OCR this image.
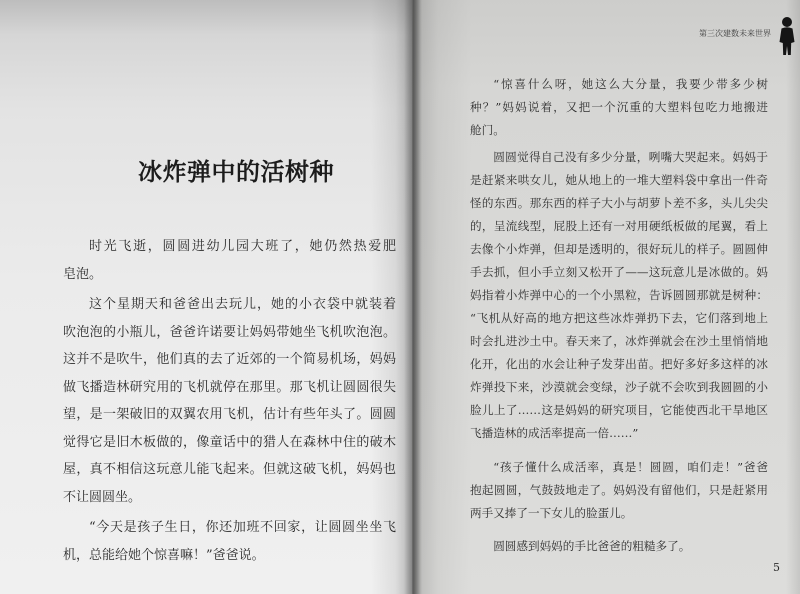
冰炸弹中的活树种
时光飞逝，圆圆进幼儿园大班了，她仍然热爱肥
皂泡。
这个星期天和爸爸出去玩儿，她的小衣袋中就装着
吹泡泡的小瓶儿，爸爸许诺要让妈妈带她坐飞机吹泡泡。
这并不是吹牛，他们真的去了近郊的一个简易机场，妈妈
做飞播造林研究用的飞机就停在那里。那飞机让圆圆很失
望，是一架破旧的双翼农用飞机，估计有些年头了。圆圆
觉得它是旧木板做的，像童话中的猎人在森林中住的破木
屋，真不相信这玩意儿能飞起来。但就这破飞机，妈妈也
不让圆圆坐。
“今天是孩子生日，你还加班不回家，让圆圆坐坐飞
机，总能给她个惊喜嘛！”爸爸说。
第三次建数未来世界
“惊喜什么呀，她这么大分量，我要少带多少树
种？”妈妈说着，又把一个沉重的大塑料包吃力地搬进
舱门。
圆圆觉得自己没有多少分量，咧嘴大哭起来。妈妈于
是赶紧来哄女儿，她从地上的一堆大塑料袋中拿出一件奇
怪的东西。那东西的样子大小与胡萝卜差不多，头儿尖尖
的，呈流线型，屁股上还有一对用硬纸板做的尾翼，看上
去像个小炸弹，但却是透明的，很好玩儿的样子。圆圆伸
手去抓，但小手立刻又松开了——这玩意儿是冰做的。妈
妈指着小炸弹中心的一个小黑粒，告诉圆圆那就是树种：
“飞机从好高的地方把这些冰炸弹扔下去，它们落到地上
时会扎进沙土中。春天来了，冰炸弹就会在沙土里悄悄地
化开，化出的水会让种子发芽出苗。把好多好多这样的冰
炸弹投下来，沙漠就会变绿，沙子就不会吹到我圆圆的小
脸儿上了……这是妈妈的研究项目，它能使西北干旱地区
飞播造林的成活率提高一倍……”
“孩子懂什么成活率，真是！圆圆，咱们走！”爸爸
抱起圆圆，气鼓鼓地走了。妈妈没有留他们，只是赶紧用
两手又捧了一下女儿的脸蛋儿。
圆圆感到妈妈的手比爸爸的粗糙多了。
5
